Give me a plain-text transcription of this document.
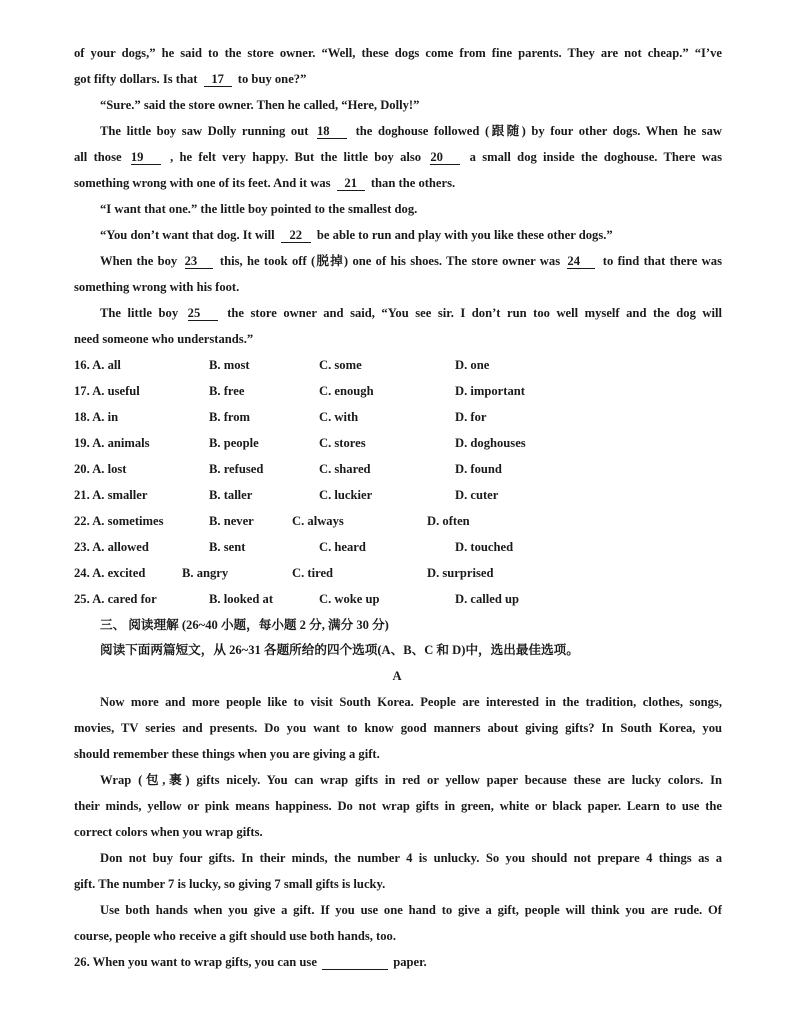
of your dogs,” he said to the store owner. “Well, these dogs come from fine parents. They are not cheap.” “I’ve
got fifty dollars. Is that 17 to buy one?”
“Sure.” said the store owner. Then he called, “Here, Dolly!”
The little boy saw Dolly running out 18 the doghouse followed (跟随) by four other dogs. When he saw
all those 19 , he felt very happy. But the little boy also 20 a small dog inside the doghouse. There was
something wrong with one of its feet. And it was 21 than the others.
“I want that one.” the little boy pointed to the smallest dog.
“You don’t want that dog. It will 22 be able to run and play with you like these other dogs.”
When the boy 23 this, he took off (脱掉) one of his shoes. The store owner was 24 to find that there was
something wrong with his foot.
The little boy 25 the store owner and said, “You see sir. I don’t run too well myself and the dog will
need someone who understands.”
16. A. all	B. most	C. some	D. one
17. A. useful	B. free	C. enough	D. important
18. A. in	B. from	C. with	D. for
19. A. animals	B. people	C. stores	D. doghouses
20. A. lost	B. refused	C. shared	D. found
21. A. smaller	B. taller	C. luckier	D. cuter
22. A. sometimes	B. never	C. always	D. often
23. A. allowed	B. sent	C. heard	D. touched
24. A. excited	B. angry	C. tired	D. surprised
25. A. cared for	B. looked at	C. woke up	D. called up
三、 阅读理解 (26~40 小题，每小题 2 分, 满分 30 分)
阅读下面两篇短文，从 26~31 各题所给的四个选项(A、B、C 和 D)中，选出最佳选项。
A
Now more and more people like to visit South Korea. People are interested in the tradition, clothes, songs,
movies, TV series and presents. Do you want to know good manners about giving gifts? In South Korea, you
should remember these things when you are giving a gift.
Wrap (包,裹) gifts nicely. You can wrap gifts in red or yellow paper because these are lucky colors. In
their minds, yellow or pink means happiness. Do not wrap gifts in green, white or black paper. Learn to use the
correct colors when you wrap gifts.
Don not buy four gifts. In their minds, the number 4 is unlucky. So you should not prepare 4 things as a
gift. The number 7 is lucky, so giving 7 small gifts is lucky.
Use both hands when you give a gift. If you use one hand to give a gift, people will think you are rude. Of
course, people who receive a gift should use both hands, too.
26. When you want to wrap gifts, you can use	paper.
